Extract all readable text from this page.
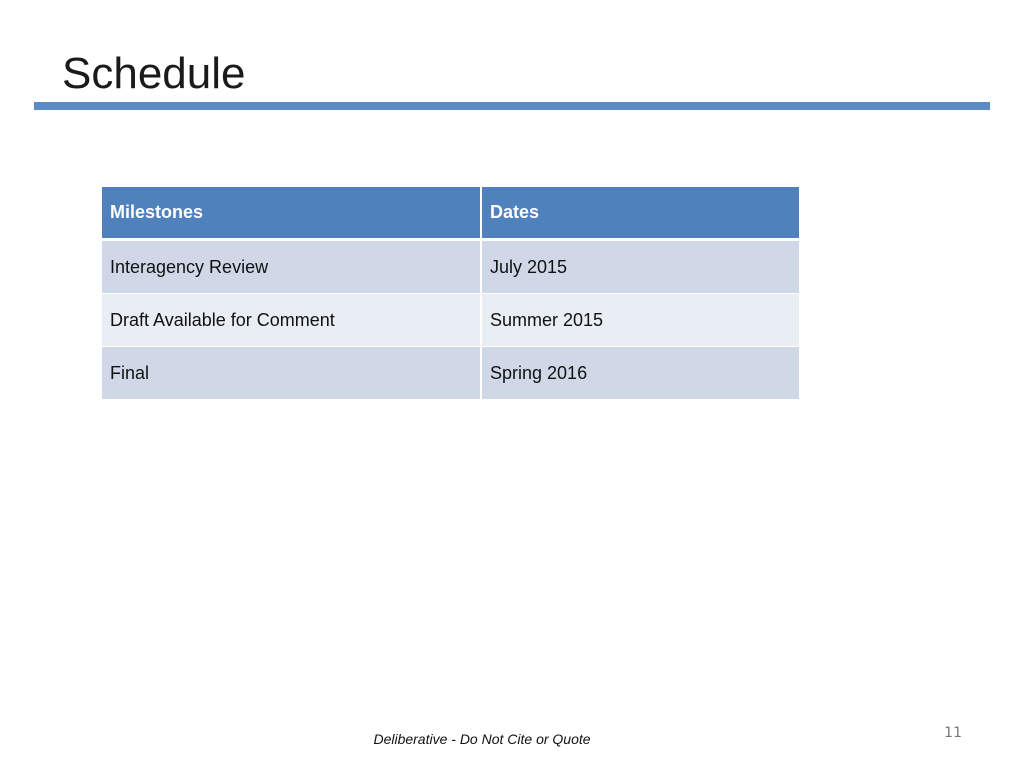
Schedule
Milestones	Dates
Interagency Review	July 2015
Draft Available for Comment	Summer 2015
Final	Spring 2016
Deliberative - Do Not Cite or Quote	11
